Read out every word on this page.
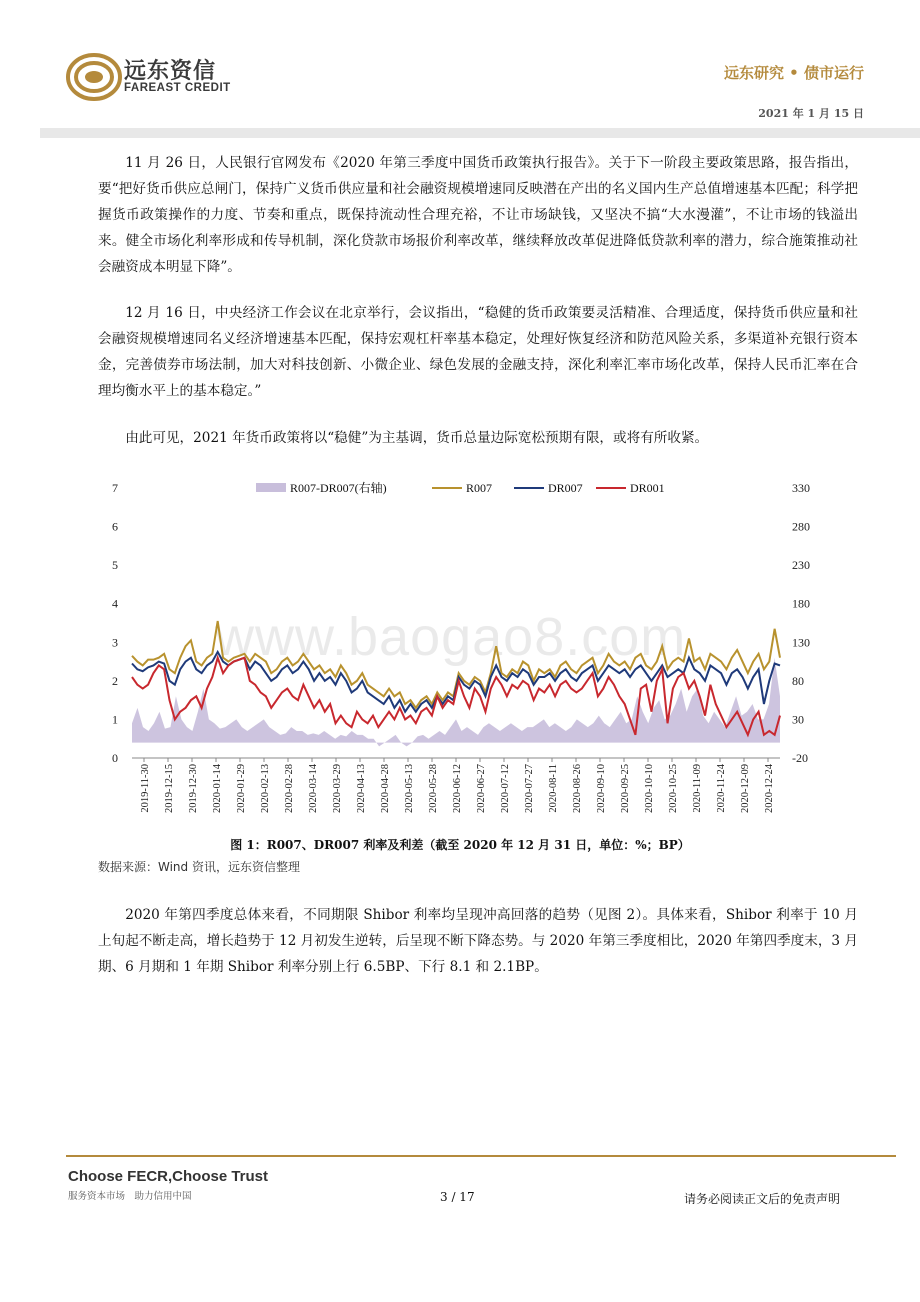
远东资信
FAREAST CREDIT
远东研究 • 债市运行
2021 年 1 月 15 日

11 月 26 日，人民银行官网发布《2020 年第三季度中国货币政策执行报告》。关于下一阶段主要政策思路，报告指出，要“把好货币供应总闸门，保持广义货币供应量和社会融资规模增速同反映潜在产出的名义国内生产总值增速基本匹配；科学把握货币政策操作的力度、节奏和重点，既保持流动性合理充裕，不让市场缺钱，又坚决不搞“大水漫灌”，不让市场的钱溢出来。健全市场化利率形成和传导机制，深化贷款市场报价利率改革，继续释放改革促进降低贷款利率的潜力，综合施策推动社会融资成本明显下降”。

12 月 16 日，中央经济工作会议在北京举行，会议指出，“稳健的货币政策要灵活精准、合理适度，保持货币供应量和社会融资规模增速同名义经济增速基本匹配，保持宏观杠杆率基本稳定，处理好恢复经济和防范风险关系，多渠道补充银行资本金，完善债券市场法制，加大对科技创新、小微企业、绿色发展的金融支持，深化利率汇率市场化改革，保持人民币汇率在合理均衡水平上的基本稳定。”

由此可见，2021 年货币政策将以“稳健”为主基调，货币总量边际宽松预期有限，或将有所收紧。

www.baogao8.com
0
1
2
3
4
5
6
7
-20
30
80
130
180
230
280
330
2019-11-30 2019-12-15 2019-12-30 2020-01-14 2020-01-29 2020-02-13 2020-02-28 2020-03-14 2020-03-29 2020-04-13 2020-04-28 2020-05-13 2020-05-28 2020-06-12 2020-06-27 2020-07-12 2020-07-27 2020-08-11 2020-08-26 2020-09-10 2020-09-25 2020-10-10 2020-10-25 2020-11-09 2020-11-24 2020-12-09 2020-12-24
R007-DR007(右轴)	R007	DR007	DR001
图 1：R007、DR007 利率及利差（截至 2020 年 12 月 31 日，单位：%；BP）
数据来源：Wind 资讯，远东资信整理

2020 年第四季度总体来看，不同期限 Shibor 利率均呈现冲高回落的趋势（见图 2）。具体来看，Shibor 利率于 10 月上旬起不断走高，增长趋势于 12 月初发生逆转，后呈现不断下降态势。与 2020 年第三季度相比，2020 年第四季度末，3 月期、6 月期和 1 年期 Shibor 利率分别上行 6.5BP、下行 8.1 和 2.1BP。

Choose FECR,Choose Trust
服务资本市场　助力信用中国	3 / 17	请务必阅读正文后的免责声明
